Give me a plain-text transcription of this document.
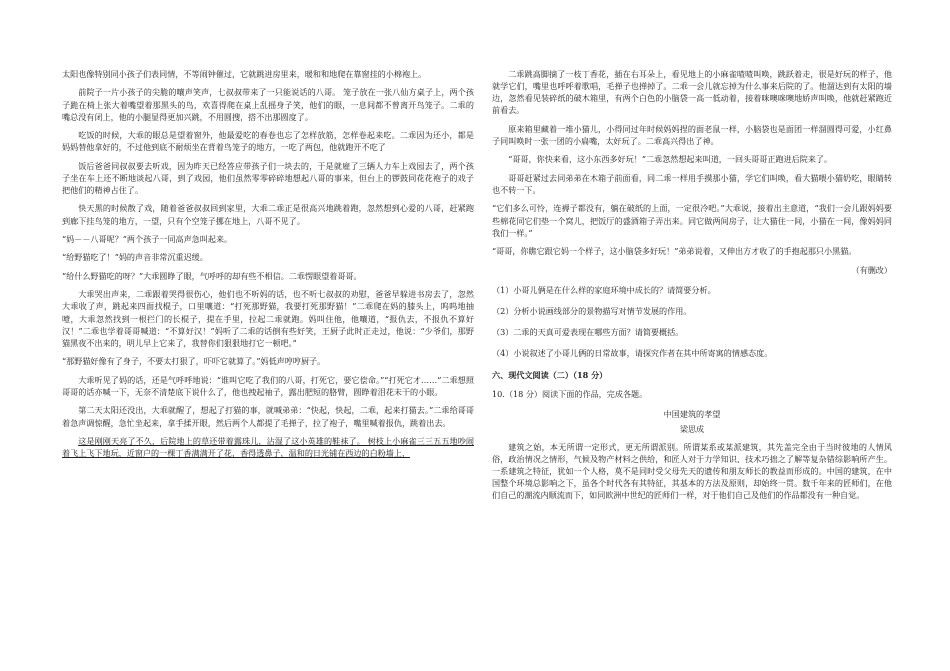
太阳也像特别同小孩子们表同情，不等闹钟催过，它就跳进房里来，暖和和地爬在靠窗挂的小棉袍上。

前院子一片小孩子的尖脆的嚷声笑声，七叔叔带来了一只能说话的八哥。 笼子放在一张八仙方桌子上，两个孩子跪在椅上张大着嘴望着那黑头的鸟，欢喜得爬在桌上乱摇身子笑，他们的眼，一息间都不曾离开鸟笼子。二乖的嘴总没有闭上，他的小腿显得更加兴跳，不用圆搜，搭不出那圆度了。

吃饭的时候，大乖的眼总是望着窗外，他最爱吃的春卷也忘了怎样放筋，怎样卷起来吃。二乖因为还小，都是妈妈替他拿好的，不过他到底不耐烦坐在背着鸟笼子的地方，一吃了两包，他就跑开不吃了

饭后爸爸同叔叔要去听戏，因为昨天已经答应带孩子们一块去的，于是就雇了三辆人力车上戏园去了，两个孩子坐在车上还不断地谈起八哥，到了戏园，他们虽然零零碎碎地想起八哥的事来，但台上的锣鼓同花花袍子的戏子把他们的精神占住了。

快天黑的时候散了戏，随着爸爸叔叔回到家里，大乖二乖正是很高兴地跳着跑，忽然想到心爱的八哥，赶紧跑到廊下挂鸟笼的地方，一望，只有个空笼子挪在地上，八哥不见了。

“妈－－八哥呢？”两个孩子一同高声急叫起来。

“给野猫吃了！”妈的声音非常沉重迟缓。

“给什么野猫吃的呀？”大乖圆睁了眼，气呼呼的却有些不相信。二乖愣眼望着哥哥。

大乖哭出声来，二乖跟着哭得很伤心，他们也不听妈的话，也不听七叔叔的劝慰，爸爸早躲进书房去了，忽然大乖收了声，跳起来四面找棍子，口里嚷道：“打死那野猫，我要打死那野猫！”二乖爬在妈的膝头上，呜呜地抽噎，大乖忽然找到一根拦门的长棍子，提在手里，拉起二乖就跑。妈叫住他，他嚷道，“报仇去，不报仇不算好汉！”二乖也学着哥哥喊道：“不算好汉！”妈听了二乖的话倒有些好笑，王厨子此时正走过，他说：“少爷们，那野猫黑夜不出来的，明儿早上它来了，我替你们狠狠地打它一顿吧。”

“那野猫好像有了身子，不要太打狠了，吓吓它就算了。”妈低声哼哼厨子。

大乖听见了妈的话，还是气呼呼地说：“谁叫它吃了我们的八哥，打死它，要它偿命。”“打死它才……”二乖想照哥哥的话亦喊一下，无奈不清楚底下说什么了，他也拽起袖子，露出肥短的胳臂，圆睁着泪花未干的小眼。

第二天太阳还没出，大乖就醒了，想起了打猫的事，就喊弟弟：“快起，快起，二乖，起来打猫去。”二乖给哥哥着急声调惊醒，急忙坐起来，拿手揉开眼，然后两个人都提了毛掸子，拉了袍子，嘴里喊着报仇，跳着出去。

这是刚刚天亮了不久，后院地上的草还带着露珠儿，沾湿了这小英雄的鞋袜了。 树枝上小麻雀三三五五地吵闹着飞上飞下地玩，近窗户的一棵丁香满满开了花，香得透鼻子，温和的日光铺在西边的白粉墙上，

二乖跳高脚摘了一枝丁香花，插在右耳朵上，看见地上的小麻雀喳喳叫唤，跳跃着走，很是好玩的样子，他就学它们，嘴里也呼呼着歌唱，毛掸子也掸掉了。二乖一会儿就忘掉为什么事来后院的了。他溜达到有太阳的墙边，忽然看见装碎纸的破木箱里，有两个白色的小脑袋一高一低动着，接着咪噢咪噢地娇声叫唤，他就赶紧跑近前看去。

原来箱里藏着一堆小猫儿，小得同过年时候妈妈捏的面老鼠一样，小脑袋也是面团一样溜圆得可爱，小红鼻子同叫唤时一张一团的小扁嘴，太好玩了。二乖高兴得出了神。

“哥哥，你快来看，这小东西多好玩！”二乖忽然想起来叫道，一回头哥哥正跑进后院来了。

哥哥赶紧过去同弟弟在木箱子前面看，同二乖一样用手摸那小猫，学它们叫唤，看大猫喂小猫奶吃，眼睛转也不转一下。

“它们多么可怜，连褥子都没有，躺在破纸的上面，一定很冷吧。”大乖说，接着出主意道，“我们一会儿跟妈妈要些棉花同它们垫一个窝儿，把饭厅的盛酒箱子弄出来。同它做两间房子，让大猫住一间，小猫在一间，像妈妈同我们一样。”

“哥哥，你瞧它跟它妈一个样子，这小脑袋多好玩！”弟弟说着，又伸出方才收了的手抱起那只小黑猫。

（有删改）

（1）小哥儿俩是在什么样的家庭环境中成长的？请简要分析。

（2）分析小说画线部分的景物描写对情节发展的作用。

（3）二乖的天真可爱表现在哪些方面？请简要概括。

（4）小说叙述了小哥儿俩的日常故事，请探究作者在其中所寄寓的情感态度。

六、现代文阅读（二）（18 分）

10.（18 分）阅读下面的作品，完成各题。

中国建筑的孝望

梁思成

建筑之始，本无所谓一定形式，更无所谓派别。所谓某系或某派建筑，其先盖完全由于当时彼地的人情风俗，政治情况之情形，气候及物产材料之供给，和匠人对于力学知识、技术巧拙之了解等复杂错综影响所产生。一系建筑之特征，犹如一个人格，莫不是同时受父母先天的遗传和朋友师长的教益而形成的。中国的建筑，在中国整个环境总影响之下，虽各个时代各有其特征，其基本的方法及原则，却始终一贯。数千年来的匠师们，在他们自己的潮流内顺流而下，如同欧洲中世纪的匠师们一样，对于他们自己及他们的作品都没有一种自觉。
